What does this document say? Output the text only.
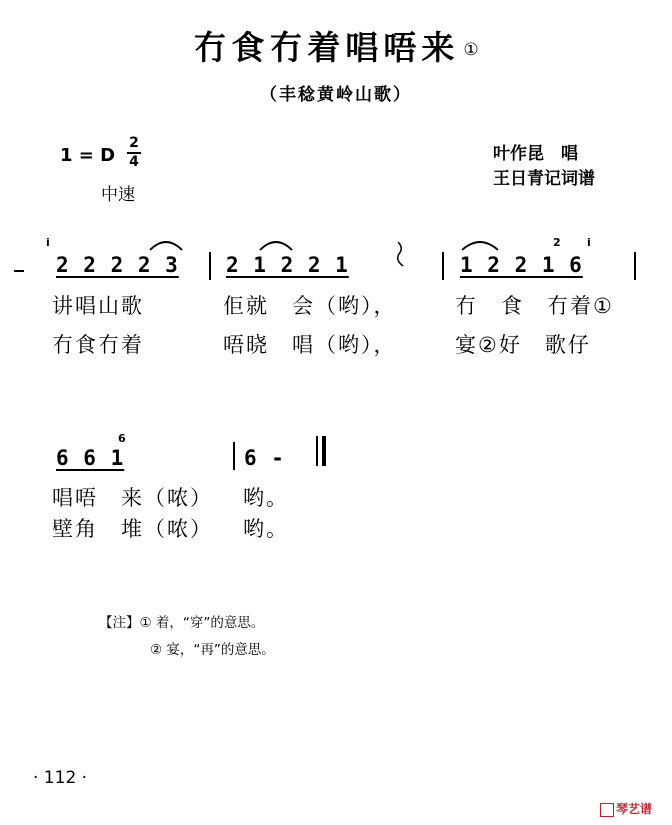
冇食冇着唱唔来 ①
（丰稔黄岭山歌）
1 = D
2
4
中速
叶作昆　唱
王日青记词谱
i	2 i
2 2 2 2 3 2 1 2 2 1	1 2 2 1 6
讲唱山歌	佢就　会（哟），	冇　食　冇着①
冇食冇着	唔晓　唱（哟），	宴②好　歌仔
6
6 6 1	6 -
唱唔　来（哝） 哟。
壁角　堆（哝） 哟。
【注】① 着，“穿”的意思。
② 宴，“再”的意思。
· 112 ·
琴艺谱
